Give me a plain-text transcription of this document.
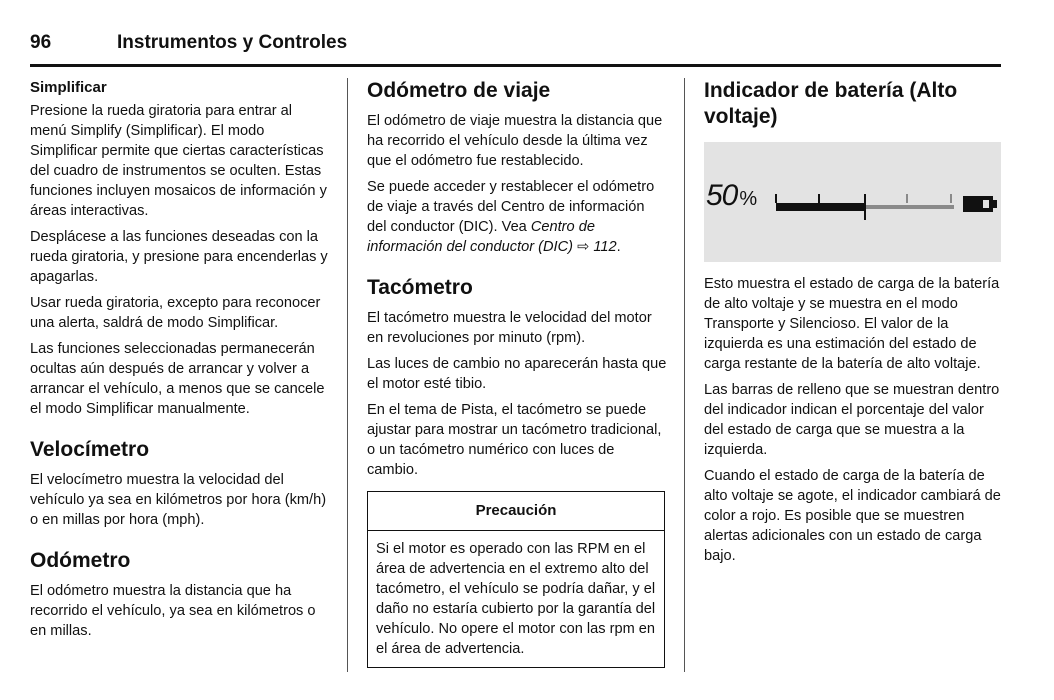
96	Instrumentos y Controles

Simplificar

Presione la rueda giratoria para entrar al menú Simplify (Simplificar). El modo Simplificar permite que ciertas características del cuadro de instrumentos se oculten. Estas funciones incluyen mosaicos de información y áreas interactivas.

Desplácese a las funciones deseadas con la rueda giratoria, y presione para encenderlas y apagarlas.

Usar rueda giratoria, excepto para reconocer una alerta, saldrá de modo Simplificar.

Las funciones seleccionadas permanecerán ocultas aún después de arrancar y volver a arrancar el vehículo, a menos que se cancele el modo Simplificar manualmente.

Velocímetro

El velocímetro muestra la velocidad del vehículo ya sea en kilómetros por hora (km/h) o en millas por hora (mph).

Odómetro

El odómetro muestra la distancia que ha recorrido el vehículo, ya sea en kilómetros o en millas.

Odómetro de viaje

El odómetro de viaje muestra la distancia que ha recorrido el vehículo desde la última vez que el odómetro fue restablecido.

Se puede acceder y restablecer el odómetro de viaje a través del Centro de información del conductor (DIC). Vea Centro de información del conductor (DIC) ⇨ 112.

Tacómetro

El tacómetro muestra le velocidad del motor en revoluciones por minuto (rpm).

Las luces de cambio no aparecerán hasta que el motor esté tibio.

En el tema de Pista, el tacómetro se puede ajustar para mostrar un tacómetro tradicional, o un tacómetro numérico con luces de cambio.

Precaución
Si el motor es operado con las RPM en el área de advertencia en el extremo alto del tacómetro, el vehículo se podría dañar, y el daño no estaría cubierto por la garantía del vehículo. No opere el motor con las rpm en el área de advertencia.
Indicador de batería (Alto voltaje)
50 %

Esto muestra el estado de carga de la batería de alto voltaje y se muestra en el modo Transporte y Silencioso. El valor de la izquierda es una estimación del estado de carga restante de la batería de alto voltaje.

Las barras de relleno que se muestran dentro del indicador indican el porcentaje del valor del estado de carga que se muestra a la izquierda.

Cuando el estado de carga de la batería de alto voltaje se agote, el indicador cambiará de color a rojo. Es posible que se muestren alertas adicionales con un estado de carga bajo.
